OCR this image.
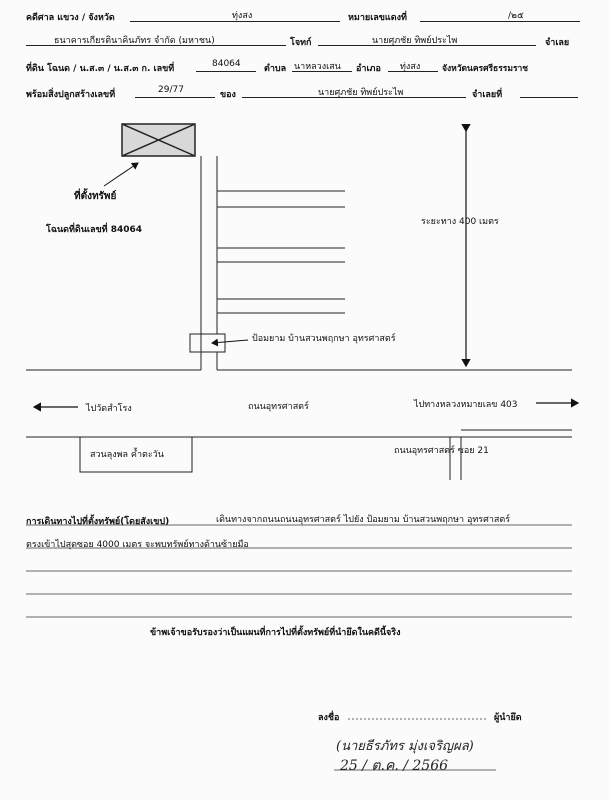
คดีศาล แขวง / จังหวัด	ทุ่งสง	หมายเลขแดงที่	/๒๕
ธนาคารเกียรตินาคินภัทร จำกัด (มหาชน)	โจทก์	นายศุภชัย ทิพย์ประไพ	จำเลย
ที่ดิน โฉนด / น.ส.๓ / น.ส.๓ ก. เลขที่	84064	ตำบล นาหลวงเสน อำเภอ ทุ่งสง	จังหวัดนครศรีธรรมราช
พร้อมสิ่งปลูกสร้างเลขที่	29/77	ของ	นายศุภชัย ทิพย์ประไพ	จำเลยที่
ที่ตั้งทรัพย์
โฉนดที่ดินเลขที่ 84064
ระยะทาง 400 เมตร
ป้อมยาม บ้านสวนพฤกษา อุทรศาสตร์
ไปวัดสำโรง	ถนนอุทรศาสตร์	ไปทางหลวงหมายเลข 403
สวนลุงพล ค้ำตะวัน	ถนนอุทรศาสตร์ ซอย 21
การเดินทางไปที่ตั้งทรัพย์(โดยสังเขป)	เดินทางจากถนนถนนอุทรศาสตร์ ไปยัง ป้อมยาม บ้านสวนพฤกษา อุทรศาสตร์
ตรงเข้าไปสุดซอย 4000 เมตร จะพบทรัพย์ทางด้านซ้ายมือ
ข้าพเจ้าขอรับรองว่าเป็นแผนที่การไปที่ตั้งทรัพย์ที่นำยึดในคดีนี้จริง
ลงชื่อ	ผู้นำยึด
(นายธีรภัทร มุ่งเจริญผล)
25 / ต.ค. / 2566
